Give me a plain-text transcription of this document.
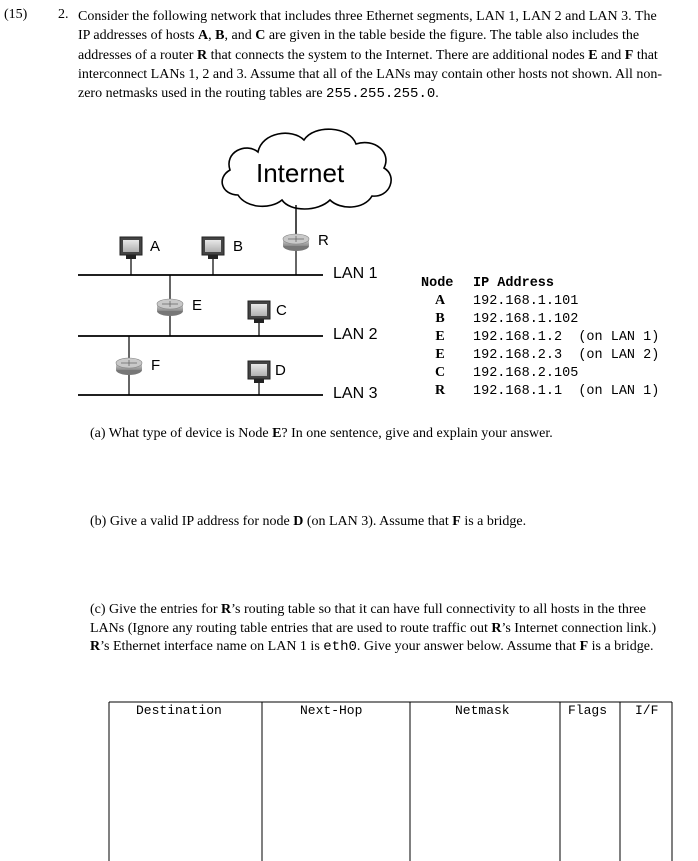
(15) 2. Consider the following network that includes three Ethernet segments, LAN 1, LAN 2 and LAN 3. The IP addresses of hosts A, B, and C are given in the table beside the figure. The table also includes the addresses of a router R that connects the system to the Internet. There are additional nodes E and F that interconnect LANs 1, 2 and 3. Assume that all of the LANs may contain other hosts not shown. All non-zero netmasks used in the routing tables are 255.255.255.0.
Internet
LAN 1
LAN 2
LAN 3
A	B	R
E	C
F	D
Node IP Address
A	192.168.1.101
B	192.168.1.102
E	192.168.1.2  (on LAN 1)
E	192.168.2.3  (on LAN 2)
C	192.168.2.105
R	192.168.1.1  (on LAN 1)
(a) What type of device is Node E? In one sentence, give and explain your answer.
(b) Give a valid IP address for node D (on LAN 3). Assume that F is a bridge.
(c) Give the entries for R’s routing table so that it can have full connectivity to all hosts in the three LANs (Ignore any routing table entries that are used to route traffic out R’s Internet connection link.) R’s Ethernet interface name on LAN 1 is eth0. Give your answer below. Assume that F is a bridge.
Destination	Next-Hop	Netmask	Flags I/F
